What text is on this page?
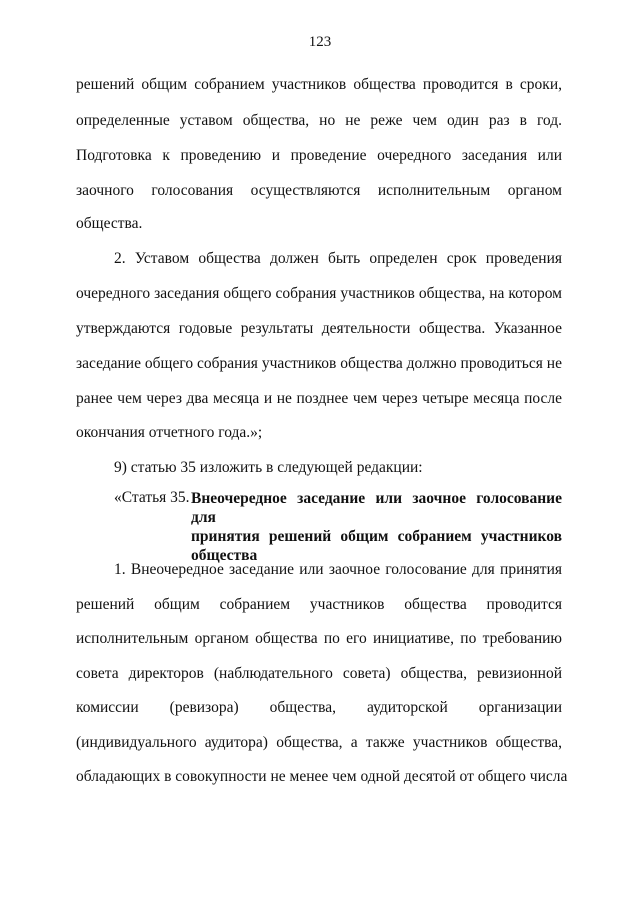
123
решений общим собранием участников общества проводится в сроки,
определенные уставом общества, но не реже чем один раз в год.
Подготовка к проведению и проведение очередного заседания или
заочного голосования осуществляются исполнительным органом
общества.
2. Уставом общества должен быть определен срок проведения
очередного заседания общего собрания участников общества, на котором
утверждаются годовые результаты деятельности общества. Указанное
заседание общего собрания участников общества должно проводиться не
ранее чем через два месяца и не позднее чем через четыре месяца после
окончания отчетного года.»;
9) статью 35 изложить в следующей редакции:
«Статья 35. Внеочередное заседание или заочное голосование для
принятия решений общим собранием участников
общества
1. Внеочередное заседание или заочное голосование для принятия
решений общим собранием участников общества проводится
исполнительным органом общества по его инициативе, по требованию
совета директоров (наблюдательного совета) общества, ревизионной
комиссии (ревизора) общества, аудиторской организации
(индивидуального аудитора) общества, а также участников общества,
обладающих в совокупности не менее чем одной десятой от общего числа
